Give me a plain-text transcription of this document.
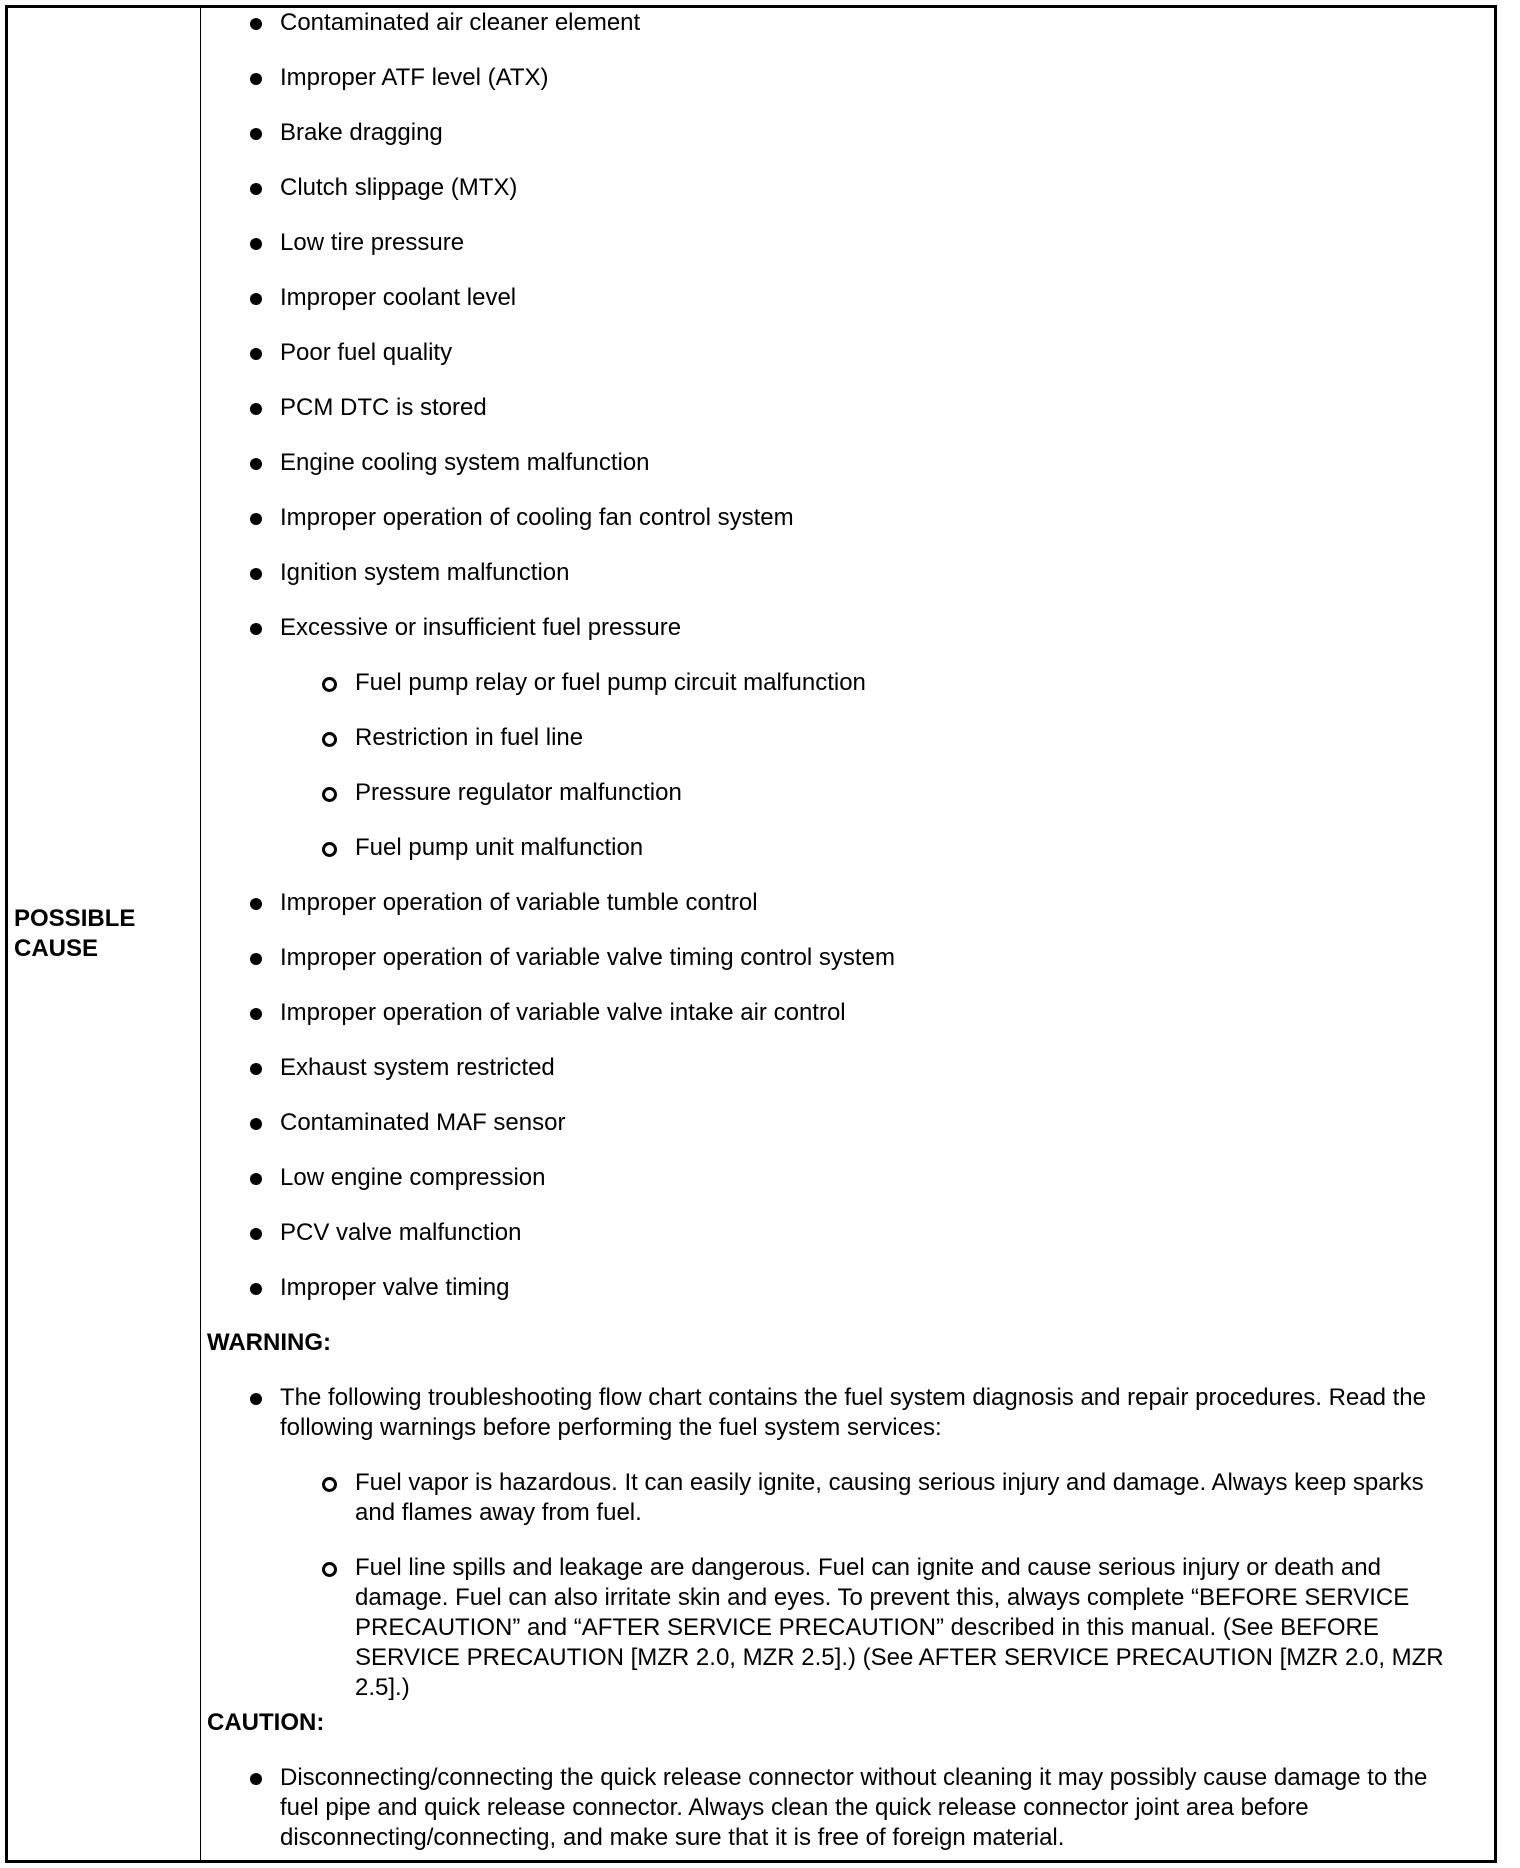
POSSIBLE CAUSE
Contaminated air cleaner element
Improper ATF level (ATX)
Brake dragging
Clutch slippage (MTX)
Low tire pressure
Improper coolant level
Poor fuel quality
PCM DTC is stored
Engine cooling system malfunction
Improper operation of cooling fan control system
Ignition system malfunction
Excessive or insufficient fuel pressure
Fuel pump relay or fuel pump circuit malfunction
Restriction in fuel line
Pressure regulator malfunction
Fuel pump unit malfunction
Improper operation of variable tumble control
Improper operation of variable valve timing control system
Improper operation of variable valve intake air control
Exhaust system restricted
Contaminated MAF sensor
Low engine compression
PCV valve malfunction
Improper valve timing
WARNING:
The following troubleshooting flow chart contains the fuel system diagnosis and repair procedures. Read the following warnings before performing the fuel system services:
Fuel vapor is hazardous. It can easily ignite, causing serious injury and damage. Always keep sparks and flames away from fuel.
Fuel line spills and leakage are dangerous. Fuel can ignite and cause serious injury or death and damage. Fuel can also irritate skin and eyes. To prevent this, always complete “BEFORE SERVICE PRECAUTION” and “AFTER SERVICE PRECAUTION” described in this manual. (See BEFORE SERVICE PRECAUTION [MZR 2.0, MZR 2.5].) (See AFTER SERVICE PRECAUTION [MZR 2.0, MZR 2.5].)
CAUTION:
Disconnecting/connecting the quick release connector without cleaning it may possibly cause damage to the fuel pipe and quick release connector. Always clean the quick release connector joint area before disconnecting/connecting, and make sure that it is free of foreign material.
